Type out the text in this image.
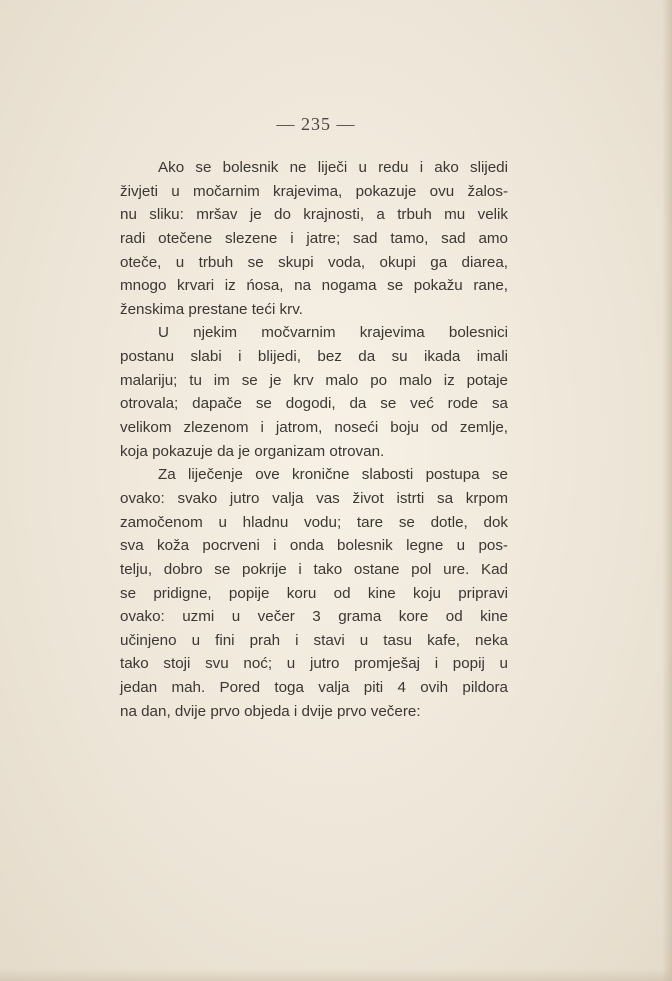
— 235 —
Ako se bolesnik ne liječi u redu i ako slijedi
živjeti u močarnim krajevima, pokazuje ovu žalos-
nu sliku: mršav je do krajnosti, a trbuh mu velik
radi otečene slezene i jatre; sad tamo, sad amo
oteče, u trbuh se skupi voda, okupi ga diarea,
mnogo krvari iz ńosa, na nogama se pokažu rane,
ženskima prestane teći krv.
U njekim močvarnim krajevima bolesnici
postanu slabi i blijedi, bez da su ikada imali
malariju; tu im se je krv malo po malo iz potaje
otrovala; dapače se dogodi, da se već rode sa
velikom zlezenom i jatrom, noseći boju od zemlje,
koja pokazuje da je organizam otrovan.
Za liječenje ove kronične slabosti postupa se
ovako: svako jutro valja vas život istrti sa krpom
zamočenom u hladnu vodu; tare se dotle, dok
sva koža pocrveni i onda bolesnik legne u pos-
telju, dobro se pokrije i tako ostane pol ure. Kad
se pridigne, popije koru od kine koju pripravi
ovako: uzmi u večer 3 grama kore od kine
učinjeno u fini prah i stavi u tasu kafe, neka
tako stoji svu noć; u jutro promješaj i popij u
jedan mah. Pored toga valja piti 4 ovih pildora
na dan, dvije prvo objeda i dvije prvo večere:
